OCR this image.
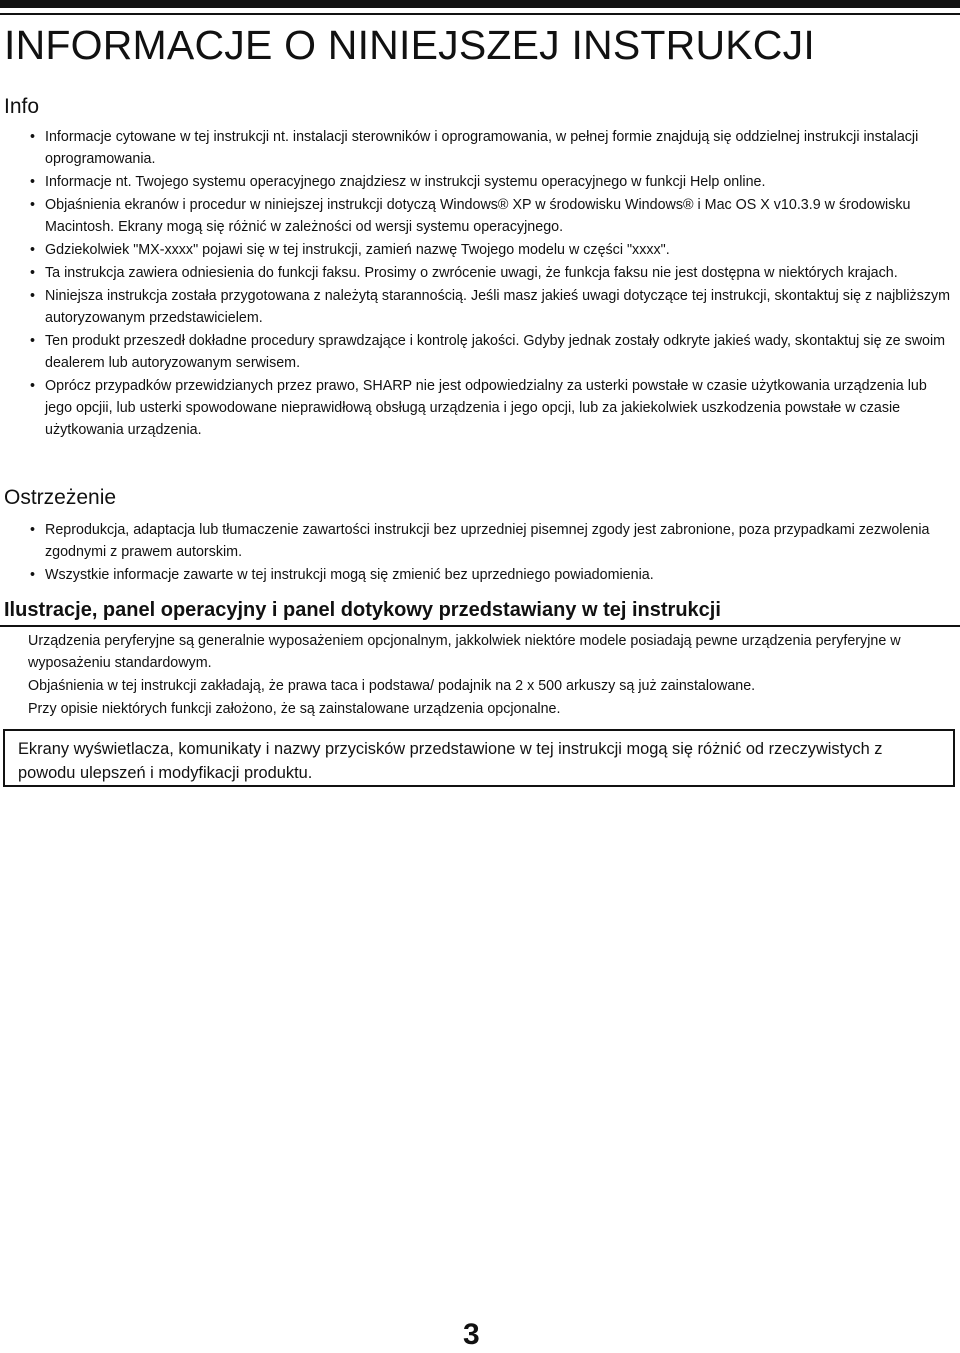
INFORMACJE O NINIEJSZEJ INSTRUKCJI
Info
• Informacje cytowane w tej instrukcji nt. instalacji sterowników i oprogramowania, w pełnej formie znajdują się oddzielnej instrukcji instalacji oprogramowania.
• Informacje nt. Twojego systemu operacyjnego znajdziesz w instrukcji systemu operacyjnego w funkcji Help online.
• Objaśnienia ekranów i procedur w niniejszej instrukcji dotyczą Windows® XP w środowisku Windows® i Mac OS X v10.3.9 w środowisku Macintosh. Ekrany mogą się różnić w zależności od wersji systemu operacyjnego.
• Gdziekolwiek "MX-xxxx" pojawi się w tej instrukcji, zamień nazwę Twojego modelu w części "xxxx".
• Ta instrukcja zawiera odniesienia do funkcji faksu. Prosimy o zwrócenie uwagi, że funkcja faksu nie jest dostępna w niektórych krajach.
• Niniejsza instrukcja została przygotowana z należytą starannością. Jeśli masz jakieś uwagi dotyczące tej instrukcji, skontaktuj się z najbliższym autoryzowanym przedstawicielem.
• Ten produkt przeszedł dokładne procedury sprawdzające i kontrolę jakości. Gdyby jednak zostały odkryte jakieś wady, skontaktuj się ze swoim dealerem lub autoryzowanym serwisem.
• Oprócz przypadków przewidzianych przez prawo, SHARP nie jest odpowiedzialny za usterki powstałe w czasie użytkowania urządzenia lub jego opcjii, lub usterki spowodowane nieprawidłową obsługą urządzenia i jego opcji, lub za jakiekolwiek uszkodzenia powstałe w czasie użytkowania urządzenia.
Ostrzeżenie
• Reprodukcja, adaptacja lub tłumaczenie zawartości instrukcji bez uprzedniej pisemnej zgody jest zabronione, poza przypadkami zezwolenia zgodnymi z prawem autorskim.
• Wszystkie informacje zawarte w tej instrukcji mogą się zmienić bez uprzedniego powiadomienia.
Ilustracje, panel operacyjny i panel dotykowy przedstawiany w tej instrukcji

Urządzenia peryferyjne są generalnie wyposażeniem opcjonalnym, jakkolwiek niektóre modele posiadają pewne urządzenia peryferyjne w wyposażeniu standardowym.

Objaśnienia w tej instrukcji zakładają, że prawa taca i podstawa/ podajnik na 2 x 500 arkuszy są już zainstalowane.

Przy opisie niektórych funkcji założono, że są zainstalowane urządzenia opcjonalne.

Ekrany wyświetlacza, komunikaty i nazwy przycisków przedstawione w tej instrukcji mogą się różnić od rzeczywistych z powodu ulepszeń i modyfikacji produktu.
3
